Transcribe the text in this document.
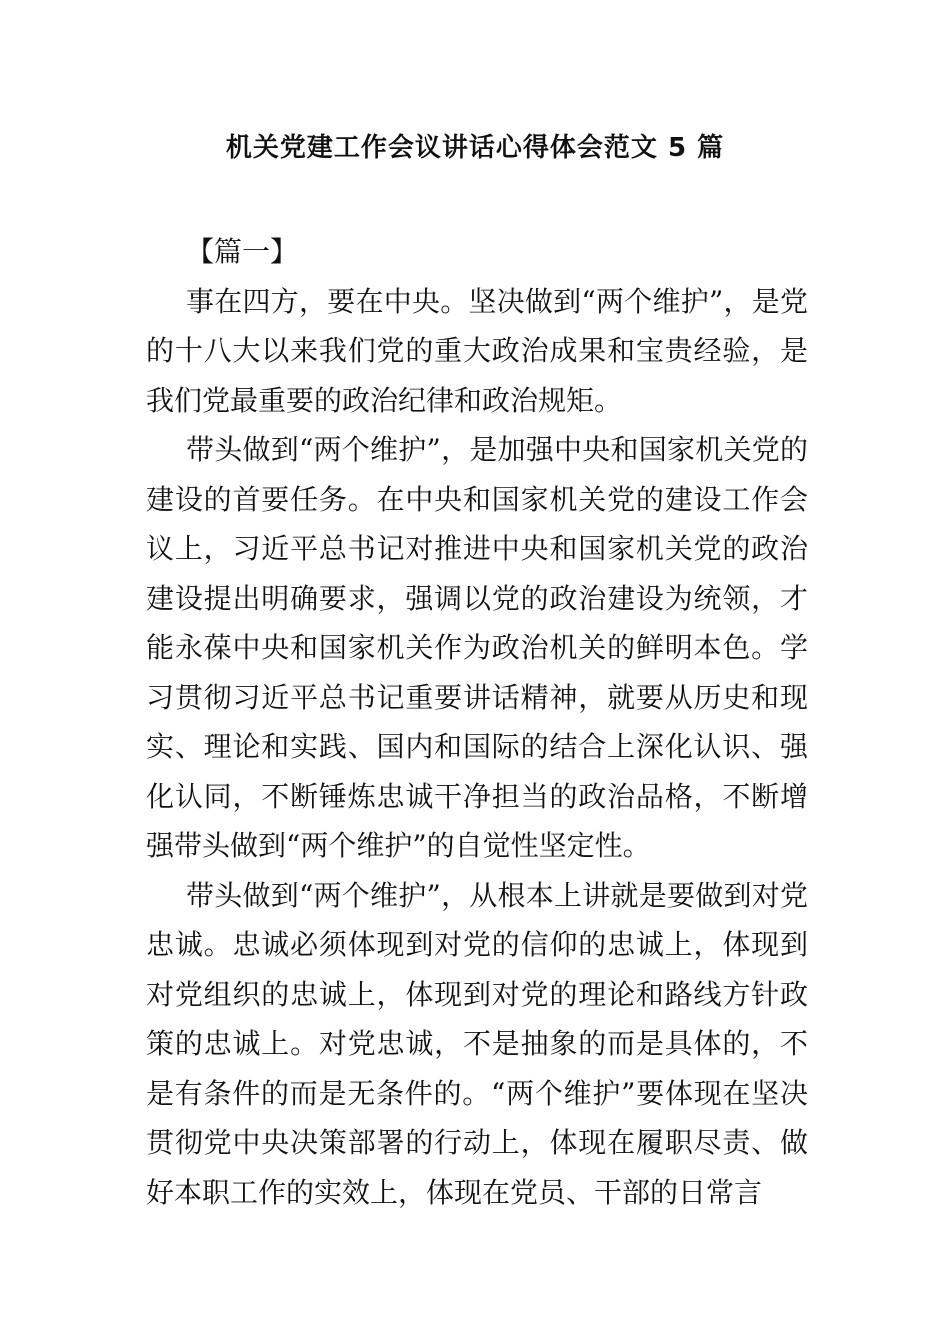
机关党建工作会议讲话心得体会范文 5 篇

【篇一】

事在四方，要在中央。坚决做到“两个维护”，是党的十八大以来我们党的重大政治成果和宝贵经验，是我们党最重要的政治纪律和政治规矩。

带头做到“两个维护”，是加强中央和国家机关党的建设的首要任务。在中央和国家机关党的建设工作会议上，习近平总书记对推进中央和国家机关党的政治建设提出明确要求，强调以党的政治建设为统领，才能永葆中央和国家机关作为政治机关的鲜明本色。学习贯彻习近平总书记重要讲话精神，就要从历史和现实、理论和实践、国内和国际的结合上深化认识、强化认同，不断锤炼忠诚干净担当的政治品格，不断增强带头做到“两个维护”的自觉性坚定性。

带头做到“两个维护”，从根本上讲就是要做到对党忠诚。忠诚必须体现到对党的信仰的忠诚上，体现到对党组织的忠诚上，体现到对党的理论和路线方针政策的忠诚上。对党忠诚，不是抽象的而是具体的，不是有条件的而是无条件的。“两个维护”要体现在坚决贯彻党中央决策部署的行动上，体现在履职尽责、做好本职工作的实效上，体现在党员、干部的日常言
